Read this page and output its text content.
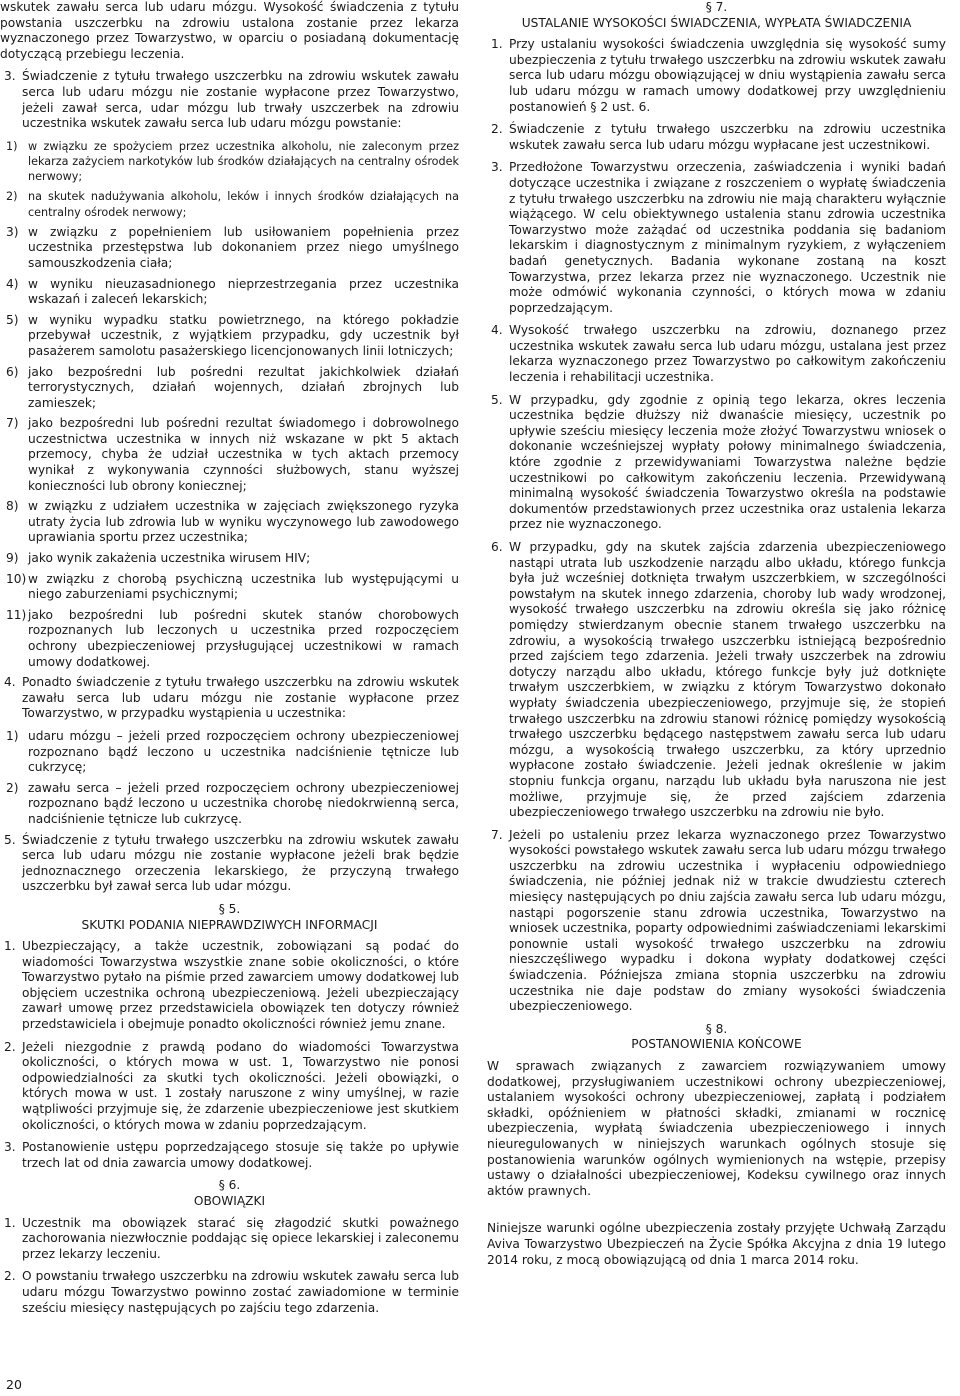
wskutek zawału serca lub udaru mózgu. Wysokość świadczenia z tytułu powstania uszczerbku na zdrowiu ustalona zostanie przez lekarza wyznaczonego przez Towarzystwo, w oparciu o posiadaną dokumentację dotyczącą przebiegu leczenia.

3. Świadczenie z tytułu trwałego uszczerbku na zdrowiu wskutek zawału serca lub udaru mózgu nie zostanie wypłacone przez Towarzystwo, jeżeli zawał serca, udar mózgu lub trwały uszczerbek na zdrowiu uczestnika wskutek zawału serca lub udaru mózgu powstanie:

1) w związku ze spożyciem przez uczestnika alkoholu, nie zaleconym przez lekarza zażyciem narkotyków lub środków działających na centralny ośrodek nerwowy;

2) na skutek nadużywania alkoholu, leków i innych środków działających na centralny ośrodek nerwowy;

3) w związku z popełnieniem lub usiłowaniem popełnienia przez uczestnika przestępstwa lub dokonaniem przez niego umyślnego samouszkodzenia ciała;

4) w wyniku nieuzasadnionego nieprzestrzegania przez uczestnika wskazań i zaleceń lekarskich;

5) w wyniku wypadku statku powietrznego, na którego pokładzie przebywał uczestnik, z wyjątkiem przypadku, gdy uczestnik był pasażerem samolotu pasażerskiego licencjonowanych linii lotniczych;

6) jako bezpośredni lub pośredni rezultat jakichkolwiek działań terrorystycznych, działań wojennych, działań zbrojnych lub zamieszek;

7) jako bezpośredni lub pośredni rezultat świadomego i dobrowolnego uczestnictwa uczestnika w innych niż wskazane w pkt 5 aktach przemocy, chyba że udział uczestnika w tych aktach przemocy wynikał z wykonywania czynności służbowych, stanu wyższej konieczności lub obrony koniecznej;

8) w związku z udziałem uczestnika w zajęciach zwiększonego ryzyka utraty życia lub zdrowia lub w wyniku wyczynowego lub zawodowego uprawiania sportu przez uczestnika;

9) jako wynik zakażenia uczestnika wirusem HIV;

10) w związku z chorobą psychiczną uczestnika lub występującymi u niego zaburzeniami psychicznymi;

11) jako bezpośredni lub pośredni skutek stanów chorobowych rozpoznanych lub leczonych u uczestnika przed rozpoczęciem ochrony ubezpieczeniowej przysługującej uczestnikowi w ramach umowy dodatkowej.

4. Ponadto świadczenie z tytułu trwałego uszczerbku na zdrowiu wskutek zawału serca lub udaru mózgu nie zostanie wypłacone przez Towarzystwo, w przypadku wystąpienia u uczestnika:

1) udaru mózgu – jeżeli przed rozpoczęciem ochrony ubezpieczeniowej rozpoznano bądź leczono u uczestnika nadciśnienie tętnicze lub cukrzycę;

2) zawału serca – jeżeli przed rozpoczęciem ochrony ubezpieczeniowej rozpoznano bądź leczono u uczestnika chorobę niedokrwienną serca, nadciśnienie tętnicze lub cukrzycę.

5. Świadczenie z tytułu trwałego uszczerbku na zdrowiu wskutek zawału serca lub udaru mózgu nie zostanie wypłacone jeżeli brak będzie jednoznacznego orzeczenia lekarskiego, że przyczyną trwałego uszczerbku był zawał serca lub udar mózgu.

§ 5.
SKUTKI PODANIA NIEPRAWDZIWYCH INFORMACJI
1. Ubezpieczający, a także uczestnik, zobowiązani są podać do wiadomości Towarzystwa wszystkie znane sobie okoliczności, o które Towarzystwo pytało na piśmie przed zawarciem umowy dodatkowej lub objęciem uczestnika ochroną ubezpieczeniową. Jeżeli ubezpieczający zawarł umowę przez przedstawiciela obowiązek ten dotyczy również przedstawiciela i obejmuje ponadto okoliczności również jemu znane.

2. Jeżeli niezgodnie z prawdą podano do wiadomości Towarzystwa okoliczności, o których mowa w ust. 1, Towarzystwo nie ponosi odpowiedzialności za skutki tych okoliczności. Jeżeli obowiązki, o których mowa w ust. 1 zostały naruszone z winy umyślnej, w razie wątpliwości przyjmuje się, że zdarzenie ubezpieczeniowe jest skutkiem okoliczności, o których mowa w zdaniu poprzedzającym.

3. Postanowienie ustępu poprzedzającego stosuje się także po upływie trzech lat od dnia zawarcia umowy dodatkowej.

§ 6.
OBOWIĄZKI
1. Uczestnik ma obowiązek starać się złagodzić skutki poważnego zachorowania niezwłocznie poddając się opiece lekarskiej i zaleconemu przez lekarzy leczeniu.

2. O powstaniu trwałego uszczerbku na zdrowiu wskutek zawału serca lub udaru mózgu Towarzystwo powinno zostać zawiadomione w terminie sześciu miesięcy następujących po zajściu tego zdarzenia.

§ 7.
USTALANIE WYSOKOŚCI ŚWIADCZENIA, WYPŁATA ŚWIADCZENIA
1. Przy ustalaniu wysokości świadczenia uwzględnia się wysokość sumy ubezpieczenia z tytułu trwałego uszczerbku na zdrowiu wskutek zawału serca lub udaru mózgu obowiązującej w dniu wystąpienia zawału serca lub udaru mózgu w ramach umowy dodatkowej przy uwzględnieniu postanowień § 2 ust. 6.

2. Świadczenie z tytułu trwałego uszczerbku na zdrowiu uczestnika wskutek zawału serca lub udaru mózgu wypłacane jest uczestnikowi.

3. Przedłożone Towarzystwu orzeczenia, zaświadczenia i wyniki badań dotyczące uczestnika i związane z roszczeniem o wypłatę świadczenia z tytułu trwałego uszczerbku na zdrowiu nie mają charakteru wyłącznie wiążącego. W celu obiektywnego ustalenia stanu zdrowia uczestnika Towarzystwo może zażądać od uczestnika poddania się badaniom lekarskim i diagnostycznym z minimalnym ryzykiem, z wyłączeniem badań genetycznych. Badania wykonane zostaną na koszt Towarzystwa, przez lekarza przez nie wyznaczonego. Uczestnik nie może odmówić wykonania czynności, o których mowa w zdaniu poprzedzającym.

4. Wysokość trwałego uszczerbku na zdrowiu, doznanego przez uczestnika wskutek zawału serca lub udaru mózgu, ustalana jest przez lekarza wyznaczonego przez Towarzystwo po całkowitym zakończeniu leczenia i rehabilitacji uczestnika.

5. W przypadku, gdy zgodnie z opinią tego lekarza, okres leczenia uczestnika będzie dłuższy niż dwanaście miesięcy, uczestnik po upływie sześciu miesięcy leczenia może złożyć Towarzystwu wniosek o dokonanie wcześniejszej wypłaty połowy minimalnego świadczenia, które zgodnie z przewidywaniami Towarzystwa należne będzie uczestnikowi po całkowitym zakończeniu leczenia. Przewidywaną minimalną wysokość świadczenia Towarzystwo określa na podstawie dokumentów przedstawionych przez uczestnika oraz ustalenia lekarza przez nie wyznaczonego.

6. W przypadku, gdy na skutek zajścia zdarzenia ubezpieczeniowego nastąpi utrata lub uszkodzenie narządu albo układu, którego funkcja była już wcześniej dotknięta trwałym uszczerbkiem, w szczególności powstałym na skutek innego zdarzenia, choroby lub wady wrodzonej, wysokość trwałego uszczerbku na zdrowiu określa się jako różnicę pomiędzy stwierdzanym obecnie stanem trwałego uszczerbku na zdrowiu, a wysokością trwałego uszczerbku istniejącą bezpośrednio przed zajściem tego zdarzenia. Jeżeli trwały uszczerbek na zdrowiu dotyczy narządu albo układu, którego funkcje były już dotknięte trwałym uszczerbkiem, w związku z którym Towarzystwo dokonało wypłaty świadczenia ubezpieczeniowego, przyjmuje się, że stopień trwałego uszczerbku na zdrowiu stanowi różnicę pomiędzy wysokością trwałego uszczerbku będącego następstwem zawału serca lub udaru mózgu, a wysokością trwałego uszczerbku, za który uprzednio wypłacone zostało świadczenie. Jeżeli jednak określenie w jakim stopniu funkcja organu, narządu lub układu była naruszona nie jest możliwe, przyjmuje się, że przed zajściem zdarzenia ubezpieczeniowego trwałego uszczerbku na zdrowiu nie było.

7. Jeżeli po ustaleniu przez lekarza wyznaczonego przez Towarzystwo wysokości powstałego wskutek zawału serca lub udaru mózgu trwałego uszczerbku na zdrowiu uczestnika i wypłaceniu odpowiedniego świadczenia, nie później jednak niż w trakcie dwudziestu czterech miesięcy następujących po dniu zajścia zawału serca lub udaru mózgu, nastąpi pogorszenie stanu zdrowia uczestnika, Towarzystwo na wniosek uczestnika, poparty odpowiednimi zaświadczeniami lekarskimi ponownie ustali wysokość trwałego uszczerbku na zdrowiu nieszczęśliwego wypadku i dokona wypłaty dodatkowej części świadczenia. Późniejsza zmiana stopnia uszczerbku na zdrowiu uczestnika nie daje podstaw do zmiany wysokości świadczenia ubezpieczeniowego.

§ 8.
POSTANOWIENIA KOŃCOWE

W sprawach związanych z zawarciem rozwiązywaniem umowy dodatkowej, przysługiwaniem uczestnikowi ochrony ubezpieczeniowej, ustalaniem wysokości ochrony ubezpieczeniowej, zapłatą i podziałem składki, opóźnieniem w płatności składki, zmianami w rocznicę ubezpieczenia, wypłatą świadczenia ubezpieczeniowego i innych nieuregulowanych w niniejszych warunkach ogólnych stosuje się postanowienia warunków ogólnych wymienionych na wstępie, przepisy ustawy o działalności ubezpieczeniowej, Kodeksu cywilnego oraz innych aktów prawnych.

Niniejsze warunki ogólne ubezpieczenia zostały przyjęte Uchwałą Zarządu Aviva Towarzystwo Ubezpieczeń na Życie Spółka Akcyjna z dnia 19 lutego 2014 roku, z mocą obowiązującą od dnia 1 marca 2014 roku.

20
